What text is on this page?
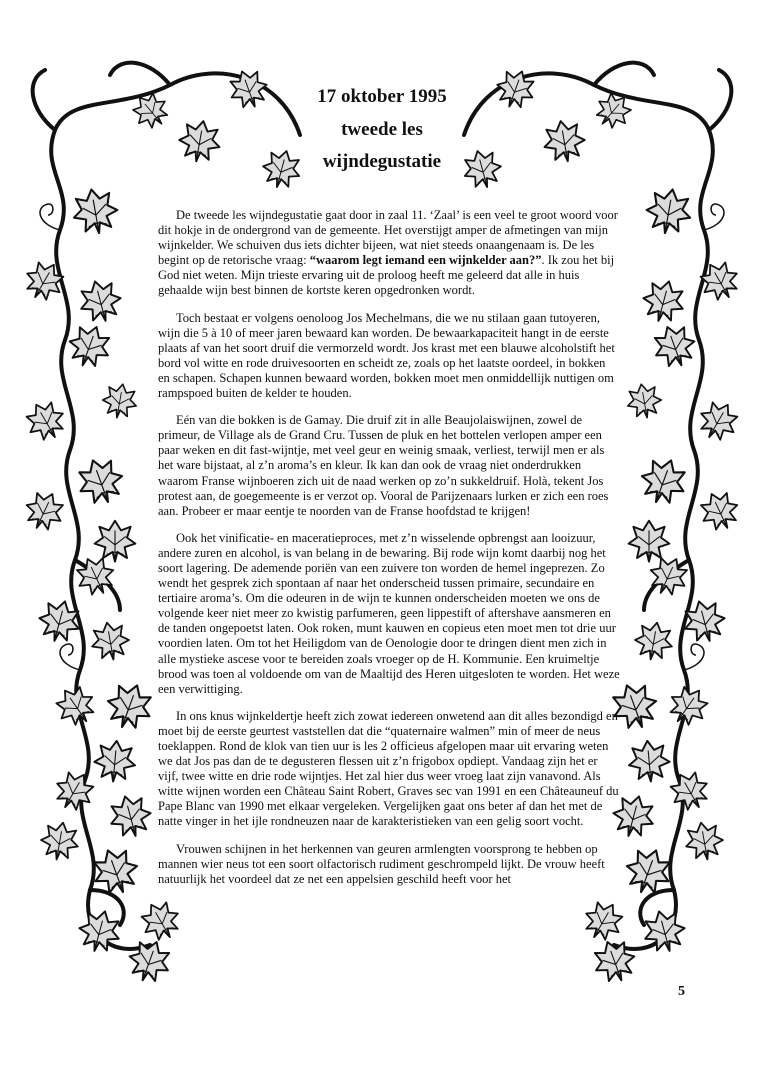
17 oktober 1995
tweede les
wijndegustatie

De tweede les wijndegustatie gaat door in zaal 11. ‘Zaal’ is een veel te groot woord voor dit hokje in de ondergrond van de gemeente. Het overstijgt amper de afmetingen van mijn wijnkelder. We schuiven dus iets dichter bijeen, wat niet steeds onaangenaam is. De les begint op de retorische vraag: “waarom legt iemand een wijnkelder aan?”. Ik zou het bij God niet weten. Mijn trieste ervaring uit de proloog heeft me geleerd dat alle in huis gehaalde wijn best binnen de kortste keren opgedronken wordt.

Toch bestaat er volgens oenoloog Jos Mechelmans, die we nu stilaan gaan tutoyeren, wijn die 5 à 10 of meer jaren bewaard kan worden. De bewaarkapaciteit hangt in de eerste plaats af van het soort druif die vermorzeld wordt. Jos krast met een blauwe alcoholstift het bord vol witte en rode druivesoorten en scheidt ze, zoals op het laatste oordeel, in bokken en schapen. Schapen kunnen bewaard worden, bokken moet men onmiddellijk nuttigen om rampspoed buiten de kelder te houden.

Eén van die bokken is de Gamay. Die druif zit in alle Beaujolaiswijnen, zowel de primeur, de Village als de Grand Cru. Tussen de pluk en het bottelen verlopen amper een paar weken en dit fast-wijntje, met veel geur en weinig smaak, verliest, terwijl men er als het ware bijstaat, al z’n aroma’s en kleur. Ik kan dan ook de vraag niet onderdrukken waarom Franse wijnboeren zich uit de naad werken op zo’n sukkeldruif. Holà, tekent Jos protest aan, de goegemeente is er verzot op. Vooral de Parijzenaars lurken er zich een roes aan. Probeer er maar eentje te noorden van de Franse hoofdstad te krijgen!

Ook het vinificatie- en maceratieproces, met z’n wisselende opbrengst aan looizuur, andere zuren en alcohol, is van belang in de bewaring. Bij rode wijn komt daarbij nog het soort lagering. De ademende poriën van een zuivere ton worden de hemel ingeprezen. Zo wendt het gesprek zich spontaan af naar het onderscheid tussen primaire, secundaire en tertiaire aroma’s. Om die odeuren in de wijn te kunnen onderscheiden moeten we ons de volgende keer niet meer zo kwistig parfumeren, geen lippestift of aftershave aansmeren en de tanden ongepoetst laten. Ook roken, munt kauwen en copieus eten moet men tot drie uur voordien laten. Om tot het Heiligdom van de Oenologie door te dringen dient men zich in alle mystieke ascese voor te bereiden zoals vroeger op de H. Kommunie. Een kruimeltje brood was toen al voldoende om van de Maaltijd des Heren uitgesloten te worden. Het weze een verwittiging.

In ons knus wijnkeldertje heeft zich zowat iedereen onwetend aan dit alles bezondigd en moet bij de eerste geurtest vaststellen dat die “quaternaire walmen” min of meer de neus toeklappen. Rond de klok van tien uur is les 2 officieus afgelopen maar uit ervaring weten we dat Jos pas dan de te degusteren flessen uit z’n frigobox opdiept. Vandaag zijn het er vijf, twee witte en drie rode wijntjes. Het zal hier dus weer vroeg laat zijn vanavond. Als witte wijnen worden een Château Saint Robert, Graves sec van 1991 en een Châteauneuf du Pape Blanc van 1990 met elkaar vergeleken. Vergelijken gaat ons beter af dan het met de natte vinger in het ijle rondneuzen naar de karakteristieken van een gelig soort vocht.

Vrouwen schijnen in het herkennen van geuren armlengten voorsprong te hebben op mannen wier neus tot een soort olfactorisch rudiment geschrompeld lijkt. De vrouw heeft natuurlijk het voordeel dat ze net een appelsien geschild heeft voor het

5
